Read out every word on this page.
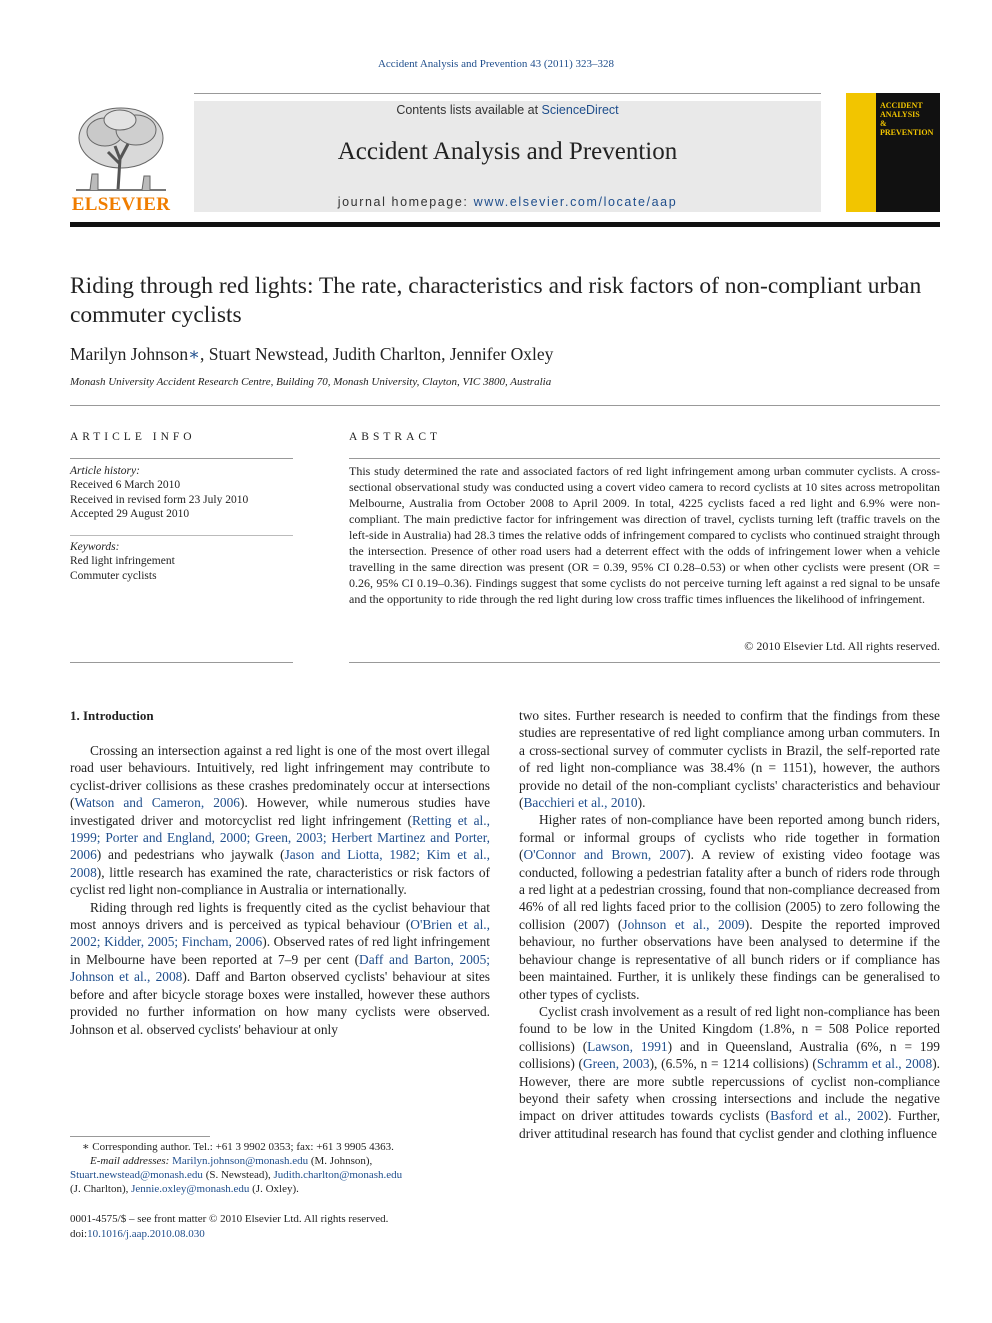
Accident Analysis and Prevention 43 (2011) 323–328
ELSEVIER
Contents lists available at ScienceDirect
Accident Analysis and Prevention
journal homepage: www.elsevier.com/locate/aap
ACCIDENT
ANALYSIS
&
PREVENTION
Riding through red lights: The rate, characteristics and risk factors of non-compliant urban commuter cyclists
Marilyn Johnson∗, Stuart Newstead, Judith Charlton, Jennifer Oxley
Monash University Accident Research Centre, Building 70, Monash University, Clayton, VIC 3800, Australia
ARTICLE INFO	ABSTRACT
Article history:
Received 6 March 2010
Received in revised form 23 July 2010
Accepted 29 August 2010
Keywords:
Red light infringement
Commuter cyclists
This study determined the rate and associated factors of red light infringement among urban commuter cyclists. A cross-sectional observational study was conducted using a covert video camera to record cyclists at 10 sites across metropolitan Melbourne, Australia from October 2008 to April 2009. In total, 4225 cyclists faced a red light and 6.9% were non-compliant. The main predictive factor for infringement was direction of travel, cyclists turning left (traffic travels on the left-side in Australia) had 28.3 times the relative odds of infringement compared to cyclists who continued straight through the intersection. Presence of other road users had a deterrent effect with the odds of infringement lower when a vehicle travelling in the same direction was present (OR = 0.39, 95% CI 0.28–0.53) or when other cyclists were present (OR = 0.26, 95% CI 0.19–0.36). Findings suggest that some cyclists do not perceive turning left against a red signal to be unsafe and the opportunity to ride through the red light during low cross traffic times influences the likelihood of infringement.
© 2010 Elsevier Ltd. All rights reserved.
1. Introduction

Crossing an intersection against a red light is one of the most overt illegal road user behaviours. Intuitively, red light infringement may contribute to cyclist-driver collisions as these crashes predominately occur at intersections (Watson and Cameron, 2006). However, while numerous studies have investigated driver and motorcyclist red light infringement (Retting et al., 1999; Porter and England, 2000; Green, 2003; Herbert Martinez and Porter, 2006) and pedestrians who jaywalk (Jason and Liotta, 1982; Kim et al., 2008), little research has examined the rate, characteristics or risk factors of cyclist red light non-compliance in Australia or internationally.

Riding through red lights is frequently cited as the cyclist behaviour that most annoys drivers and is perceived as typical behaviour (O'Brien et al., 2002; Kidder, 2005; Fincham, 2006). Observed rates of red light infringement in Melbourne have been reported at 7–9 per cent (Daff and Barton, 2005; Johnson et al., 2008). Daff and Barton observed cyclists' behaviour at sites before and after bicycle storage boxes were installed, however these authors provided no further information on how many cyclists were observed. Johnson et al. observed cyclists' behaviour at only

two sites. Further research is needed to confirm that the findings from these studies are representative of red light compliance among urban commuters. In a cross-sectional survey of commuter cyclists in Brazil, the self-reported rate of red light non-compliance was 38.4% (n = 1151), however, the authors provide no detail of the non-compliant cyclists' characteristics and behaviour (Bacchieri et al., 2010).

Higher rates of non-compliance have been reported among bunch riders, formal or informal groups of cyclists who ride together in formation (O'Connor and Brown, 2007). A review of existing video footage was conducted, following a pedestrian fatality after a bunch of riders rode through a red light at a pedestrian crossing, found that non-compliance decreased from 46% of all red lights faced prior to the collision (2005) to zero following the collision (2007) (Johnson et al., 2009). Despite the reported improved behaviour, no further observations have been analysed to determine if the behaviour change is representative of all bunch riders or if compliance has been maintained. Further, it is unlikely these findings can be generalised to other types of cyclists.

Cyclist crash involvement as a result of red light non-compliance has been found to be low in the United Kingdom (1.8%, n = 508 Police reported collisions) (Lawson, 1991) and in Queensland, Australia (6%, n = 199 collisions) (Green, 2003), (6.5%, n = 1214 collisions) (Schramm et al., 2008). However, there are more subtle repercussions of cyclist non-compliance beyond their safety when crossing intersections and include the negative impact on driver attitudes towards cyclists (Basford et al., 2002). Further, driver attitudinal research has found that cyclist gender and clothing influence

∗ Corresponding author. Tel.: +61 3 9902 0353; fax: +61 3 9905 4363.
E-mail addresses: Marilyn.johnson@monash.edu (M. Johnson),
Stuart.newstead@monash.edu (S. Newstead), Judith.charlton@monash.edu
(J. Charlton), Jennie.oxley@monash.edu (J. Oxley).
0001-4575/$ – see front matter © 2010 Elsevier Ltd. All rights reserved.
doi:10.1016/j.aap.2010.08.030
